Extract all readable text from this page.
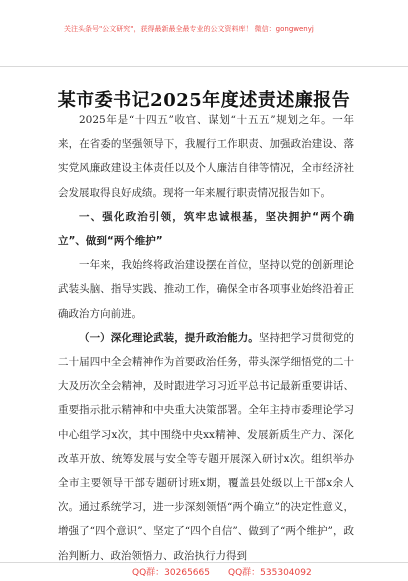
关注头条号"公文研究"，获得最新最全最专业的公文资料库！ 微信：gongwenyj
某市委书记2025年度述责述廉报告

2025年是“十四五”收官、谋划“十五五”规划之年。一年来，在省委的坚强领导下，我履行工作职责、加强政治建设、落实党风廉政建设主体责任以及个人廉洁自律等情况，全市经济社会发展取得良好成绩。现将一年来履行职责情况报告如下。

一、强化政治引领，筑牢忠诚根基，坚决拥护“两个确立”、做到“两个维护”

一年来，我始终将政治建设摆在首位，坚持以党的创新理论武装头脑、指导实践、推动工作，确保全市各项事业始终沿着正确政治方向前进。

（一）深化理论武装，提升政治能力。坚持把学习贯彻党的二十届四中全会精神作为首要政治任务，带头深学细悟党的二十大及历次全会精神，及时跟进学习习近平总书记最新重要讲话、重要指示批示精神和中央重大决策部署。全年主持市委理论学习中心组学习x次，其中围绕中央xx精神、发展新质生产力、深化改革开放、统筹发展与安全等专题开展深入研讨x次。组织举办全市主要领导干部专题研讨班x期，覆盖县处级以上干部x余人次。通过系统学习，进一步深刻领悟“两个确立”的决定性意义，增强了“四个意识”、坚定了“四个自信”、做到了“两个维护”，政治判断力、政治领悟力、政治执行力得到

QQ群：30265665 QQ群：535304092
